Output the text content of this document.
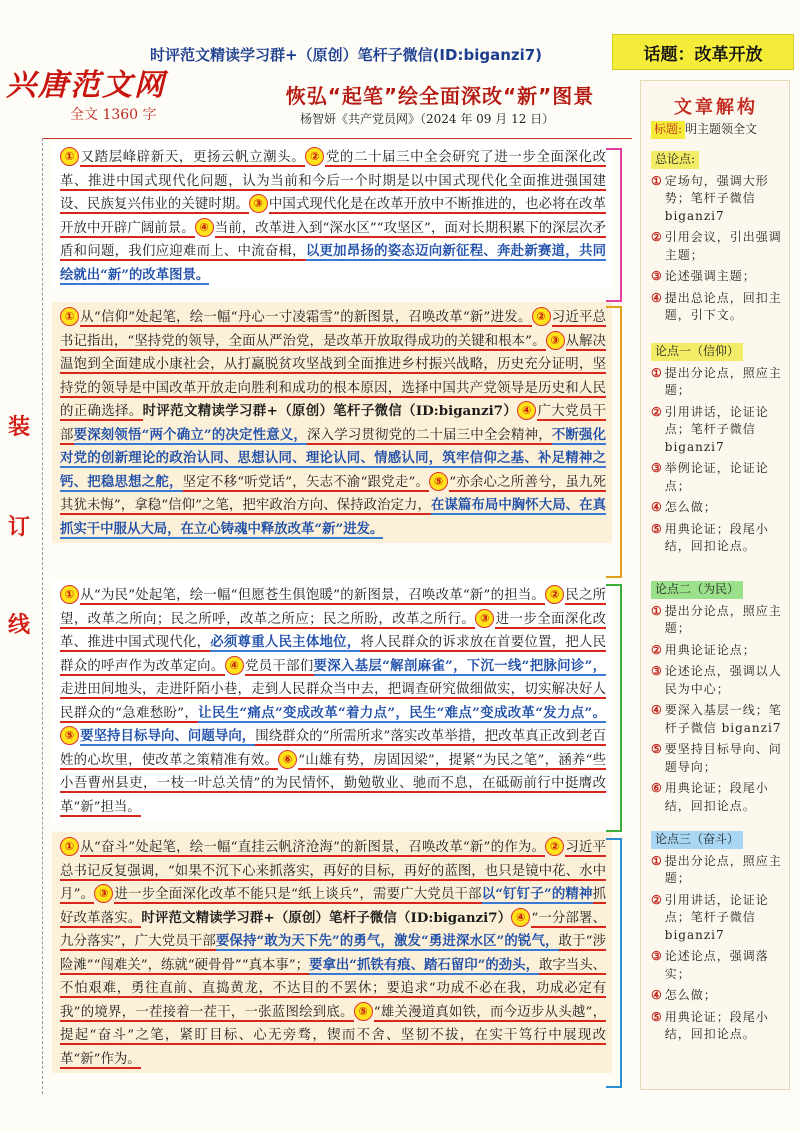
兴唐范文网
时评范文精读学习群+（原创）笔杆子微信(ID:biganzi7)	话题：改革开放
恢弘“起笔”绘全面深改“新”图景
杨智妍《共产党员网》（2024 年 09 月 12 日）
全文 1360 字
装
订
线

① 又踏层峰辟新天，更扬云帆立潮头。 ② 党的二十届三中全会研究了进一步全面深化改革、推进中国式现代化问题，认为当前和今后一个时期是以中国式现代化全面推进强国建设、民族复兴伟业的关键时期。 ③ 中国式现代化是在改革开放中不断推进的，也必将在改革开放中开辟广阔前景。 ④ 当前，改革进入到“深水区”“攻坚区”，面对长期积累下的深层次矛盾和问题，我们应迎难而上、中流奋楫，以更加昂扬的姿态迈向新征程、奔赴新赛道，共同绘就出“新”的改革图景。

① 从“信仰”处起笔，绘一幅“丹心一寸凌霜雪”的新图景，召唤改革“新”进发。 ② 习近平总书记指出，“坚持党的领导，全面从严治党，是改革开放取得成功的关键和根本”。 ③ 从解决温饱到全面建成小康社会，从打赢脱贫攻坚战到全面推进乡村振兴战略，历史充分证明，坚持党的领导是中国改革开放走向胜利和成功的根本原因，选择中国共产党领导是历史和人民的正确选择。时评范文精读学习群+（原创）笔杆子微信（ID:biganzi7） ④ 广大党员干部要深刻领悟“两个确立”的决定性意义，深入学习贯彻党的二十届三中全会精神，不断强化对党的创新理论的政治认同、思想认同、理论认同、情感认同，筑牢信仰之基、补足精神之钙、把稳思想之舵，坚定不移“听党话”，矢志不渝“跟党走”。 ⑤ “亦余心之所善兮，虽九死其犹未悔”，拿稳“信仰”之笔，把牢政治方向、保持政治定力，在谋篇布局中胸怀大局、在真抓实干中服从大局，在立心铸魂中释放改革“新”进发。

① 从“为民”处起笔，绘一幅“但愿苍生俱饱暖”的新图景，召唤改革“新”的担当。 ② 民之所望，改革之所向；民之所呼，改革之所应；民之所盼，改革之所行。 ③ 进一步全面深化改革、推进中国式现代化，必须尊重人民主体地位，将人民群众的诉求放在首要位置，把人民群众的呼声作为改革定向。 ④ 党员干部们要深入基层“解剖麻雀”，下沉一线“把脉问诊”，走进田间地头，走进阡陌小巷，走到人民群众当中去，把调查研究做细做实，切实解决好人民群众的“急难愁盼”，让民生“痛点”变成改革“着力点”，民生“难点”变成改革“发力点”。⑤ 要坚持目标导向、问题导向，围绕群众的“所需所求”落实改革举措，把改革真正改到老百姓的心坎里，使改革之策精准有效。 ⑥ “山雄有势，房固因梁”，提紧“为民之笔”，涵养“些小吾曹州县吏，一枝一叶总关情”的为民情怀，勤勉敬业、驰而不息，在砥砺前行中挺膺改革“新”担当。

① 从“奋斗”处起笔，绘一幅“直挂云帆济沧海”的新图景，召唤改革“新”的作为。 ② 习近平总书记反复强调，“如果不沉下心来抓落实，再好的目标，再好的蓝图，也只是镜中花、水中月”。 ③ 进一步全面深化改革不能只是“纸上谈兵”，需要广大党员干部以“钉钉子”的精神抓好改革落实。时评范文精读学习群+（原创）笔杆子微信（ID:biganzi7） ④ “一分部署、九分落实”，广大党员干部要保持“敢为天下先”的勇气，激发“勇进深水区”的锐气，敢于“涉险滩”“闯难关”，练就“硬骨骨”“真本事”；要拿出“抓铁有痕、踏石留印”的劲头，敢字当头、不怕艰难，勇往直前、直捣黄龙，不达目的不罢休；要追求“功成不必在我，功成必定有我”的境界，一茬接着一茬干，一张蓝图绘到底。 ⑤ “雄关漫道真如铁，而今迈步从头越”，提起“奋斗”之笔，紧盯目标、心无旁骛，锲而不舍、坚韧不拔，在实干笃行中展现改革“新”作为。

文章解构
标题: 明主题领全文
总论点:
① 定场句，强调大形势；笔杆子微信 biganzi7
② 引用会议，引出强调主题；
③ 论述强调主题；
④ 提出总论点，回扣主题，引下文。
论点一（信仰）
① 提出分论点，照应主题；
② 引用讲话，论证论点；笔杆子微信 biganzi7
③ 举例论证，论证论点；
④ 怎么做；
⑤ 用典论证；段尾小结，回扣论点。
论点二（为民）
① 提出分论点，照应主题；
② 用典论证论点；
③ 论述论点，强调以人民为中心；
④ 要深入基层一线；笔杆子微信 biganzi7
⑤ 要坚持目标导向、问题导向；
⑥ 用典论证；段尾小结，回扣论点。
论点三（奋斗）
① 提出分论点，照应主题；
② 引用讲话，论证论点；笔杆子微信 biganzi7
③ 论述论点，强调落实；
④ 怎么做；
⑤ 用典论证；段尾小结，回扣论点。
